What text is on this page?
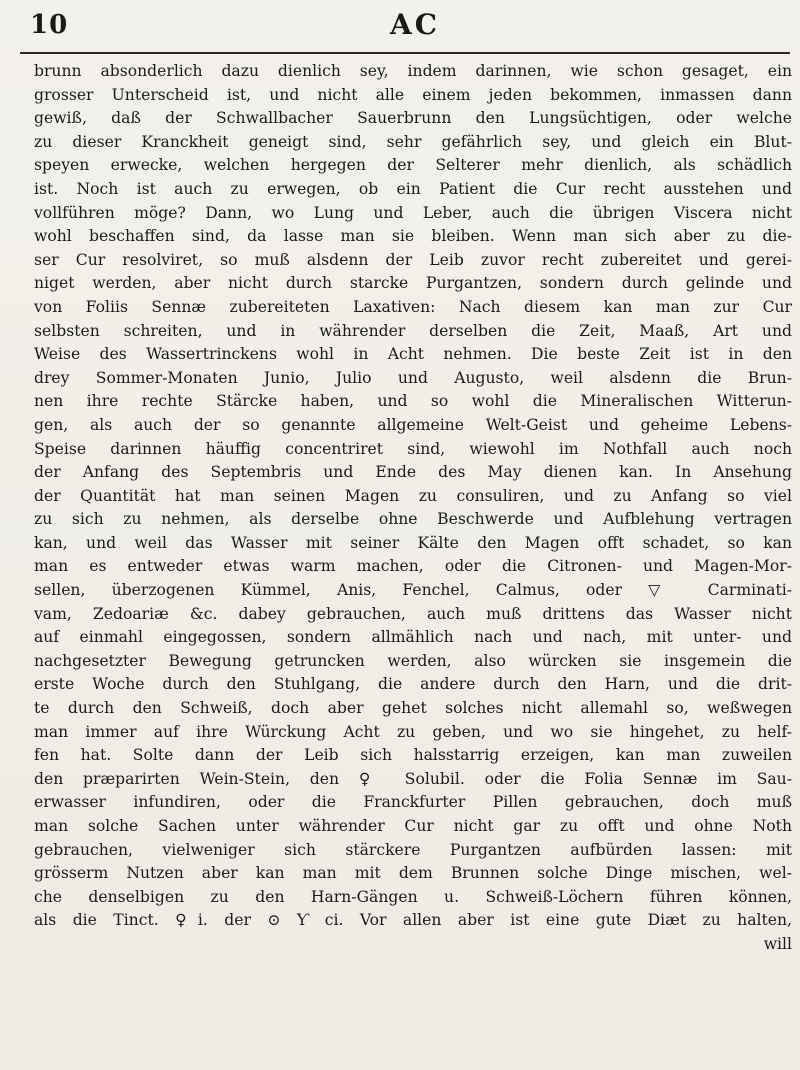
10	AC
brunn absonderlich dazu dienlich sey, indem darinnen, wie schon gesaget, ein
grosser Unterscheid ist, und nicht alle einem jeden bekommen, inmassen dann
gewiß, daß der Schwallbacher Sauerbrunn den Lungsüchtigen, oder welche
zu dieser Kranckheit geneigt sind, sehr gefährlich sey, und gleich ein Blut-
speyen erwecke, welchen hergegen der Selterer mehr dienlich, als schädlich
ist. Noch ist auch zu erwegen, ob ein Patient die Cur recht ausstehen und
vollführen möge? Dann, wo Lung und Leber, auch die übrigen Viscera nicht
wohl beschaffen sind, da lasse man sie bleiben. Wenn man sich aber zu die-
ser Cur resolviret, so muß alsdenn der Leib zuvor recht zubereitet und gerei-
niget werden, aber nicht durch starcke Purgantzen, sondern durch gelinde und
von Foliis Sennæ zubereiteten Laxativen: Nach diesem kan man zur Cur
selbsten schreiten, und in währender derselben die Zeit, Maaß, Art und
Weise des Wassertrinckens wohl in Acht nehmen. Die beste Zeit ist in den
drey Sommer-Monaten Junio, Julio und Augusto, weil alsdenn die Brun-
nen ihre rechte Stärcke haben, und so wohl die Mineralischen Witterun-
gen, als auch der so genannte allgemeine Welt-Geist und geheime Lebens-
Speise darinnen häuffig concentriret sind, wiewohl im Nothfall auch noch
der Anfang des Septembris und Ende des May dienen kan. In Ansehung
der Quantität hat man seinen Magen zu consuliren, und zu Anfang so viel
zu sich zu nehmen, als derselbe ohne Beschwerde und Aufblehung vertragen
kan, und weil das Wasser mit seiner Kälte den Magen offt schadet, so kan
man es entweder etwas warm machen, oder die Citronen- und Magen-Mor-
sellen, überzogenen Kümmel, Anis, Fenchel, Calmus, oder ▽ Carminati-
vam, Zedoariæ &c. dabey gebrauchen, auch muß drittens das Wasser nicht
auf einmahl eingegossen, sondern allmählich nach und nach, mit unter- und
nachgesetzter Bewegung getruncken werden, also würcken sie insgemein die
erste Woche durch den Stuhlgang, die andere durch den Harn, und die drit-
te durch den Schweiß, doch aber gehet solches nicht allemahl so, weßwegen
man immer auf ihre Würckung Acht zu geben, und wo sie hingehet, zu helf-
fen hat. Solte dann der Leib sich halsstarrig erzeigen, kan man zuweilen
den præparirten Wein-Stein, den ♀ Solubil. oder die Folia Sennæ im Sau-
erwasser infundiren, oder die Franckfurter Pillen gebrauchen, doch muß
man solche Sachen unter währender Cur nicht gar zu offt und ohne Noth
gebrauchen, vielweniger sich stärckere Purgantzen aufbürden lassen: mit
grösserm Nutzen aber kan man mit dem Brunnen solche Dinge mischen, wel-
che denselbigen zu den Harn-Gängen u. Schweiß-Löchern führen können,
als die Tinct. ♀i. der ⊙ Ƴ ci. Vor allen aber ist eine gute Diæt zu halten,
will
